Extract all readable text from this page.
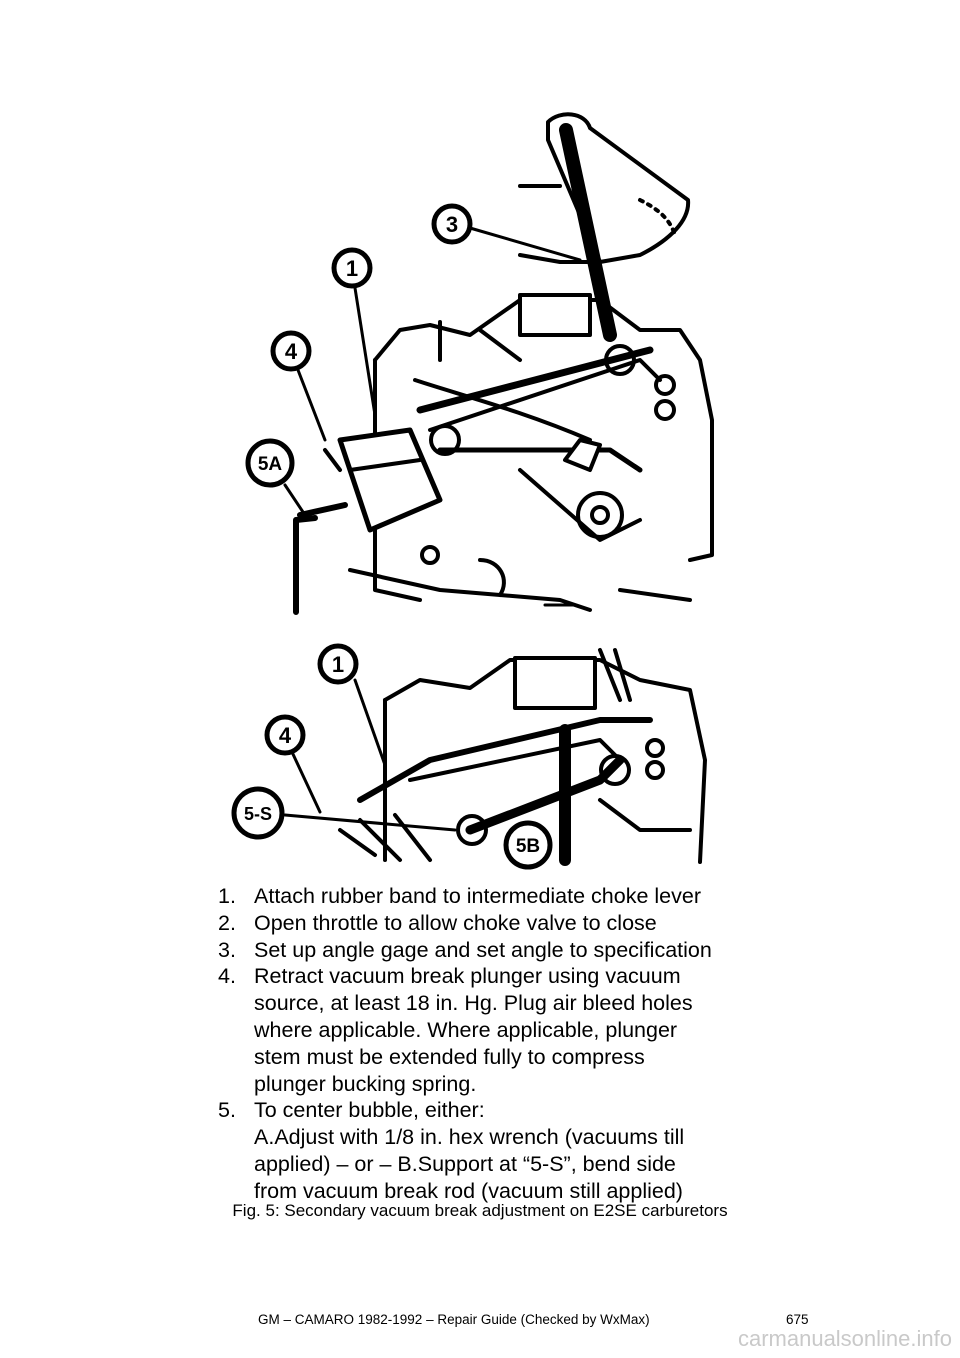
3
1
4
5A
1
4
5-S
5B
1. Attach rubber band to intermediate choke lever
2. Open throttle to allow choke valve to close
3. Set up angle gage and set angle to specification
4. Retract vacuum break plunger using vacuum
source, at least 18 in. Hg. Plug air bleed holes
where applicable. Where applicable, plunger
stem must be extended fully to compress
plunger bucking spring.
5. To center bubble, either:
A.Adjust with 1/8 in. hex wrench (vacuums till
applied) – or – B.Support at “5-S”, bend side
from vacuum break rod (vacuum still applied)
Fig. 5: Secondary vacuum break adjustment on E2SE carburetors
GM – CAMARO 1982-1992 – Repair Guide (Checked by WxMax)	675
carmanualsonline.info
